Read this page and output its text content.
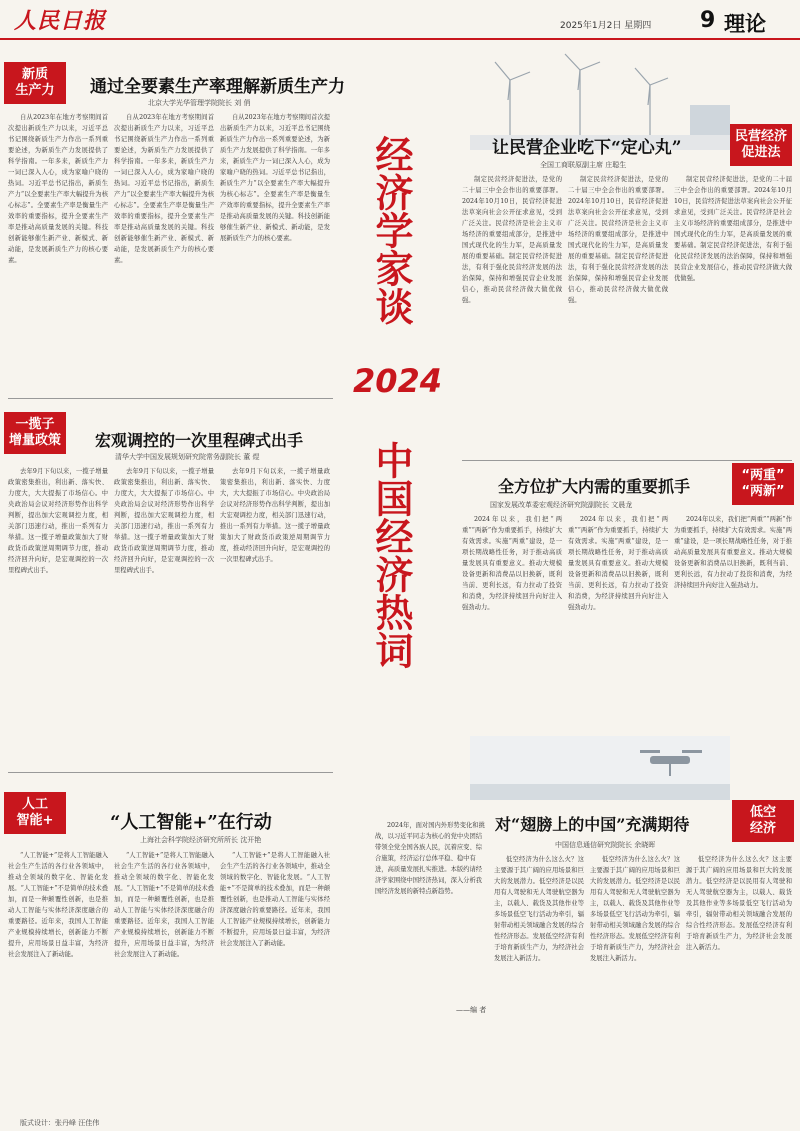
人民日报	2025年1月2日 星期四 9 理论
经济学家谈
2024
中国经济热词
新质
生产力	通过全要素生产率理解新质生产力
北京大学光华管理学院院长 刘 俏

自从2023年在地方考察期间首次提出新质生产力以来，习近平总书记围绕新质生产力作出一系列重要论述，为新质生产力发展提供了科学指南。一年多来，新质生产力一词已深入人心，成为家喻户晓的热词。习近平总书记指出，新质生产力“以全要素生产率大幅提升为核心标志”。全要素生产率是衡量生产效率的重要指标，提升全要素生产率是推动高质量发展的关键。科技创新能够催生新产业、新模式、新动能，是发展新质生产力的核心要素。

自从2023年在地方考察期间首次提出新质生产力以来，习近平总书记围绕新质生产力作出一系列重要论述，为新质生产力发展提供了科学指南。一年多来，新质生产力一词已深入人心，成为家喻户晓的热词。习近平总书记指出，新质生产力“以全要素生产率大幅提升为核心标志”。全要素生产率是衡量生产效率的重要指标，提升全要素生产率是推动高质量发展的关键。科技创新能够催生新产业、新模式、新动能，是发展新质生产力的核心要素。

自从2023年在地方考察期间首次提出新质生产力以来，习近平总书记围绕新质生产力作出一系列重要论述，为新质生产力发展提供了科学指南。一年多来，新质生产力一词已深入人心，成为家喻户晓的热词。习近平总书记指出，新质生产力“以全要素生产率大幅提升为核心标志”。全要素生产率是衡量生产效率的重要指标，提升全要素生产率是推动高质量发展的关键。科技创新能够催生新产业、新模式、新动能，是发展新质生产力的核心要素。

一揽子
增量政策 宏观调控的一次里程碑式出手
清华大学中国发展规划研究院常务副院长 董 煜

去年9月下旬以来，一揽子增量政策密集推出，利出新、落实快、力度大，大大提振了市场信心。中央政治局会议对经济形势作出科学判断，提出加大宏观调控力度，相关部门迅速行动，推出一系列有力举措。这一揽子增量政策加大了财政货币政策逆周期调节力度，推动经济回升向好，是宏观调控的一次里程碑式出手。

去年9月下旬以来，一揽子增量政策密集推出，利出新、落实快、力度大，大大提振了市场信心。中央政治局会议对经济形势作出科学判断，提出加大宏观调控力度，相关部门迅速行动，推出一系列有力举措。这一揽子增量政策加大了财政货币政策逆周期调节力度，推动经济回升向好，是宏观调控的一次里程碑式出手。

去年9月下旬以来，一揽子增量政策密集推出，利出新、落实快、力度大，大大提振了市场信心。中央政治局会议对经济形势作出科学判断，提出加大宏观调控力度，相关部门迅速行动，推出一系列有力举措。这一揽子增量政策加大了财政货币政策逆周期调节力度，推动经济回升向好，是宏观调控的一次里程碑式出手。

人工
智能+	“人工智能+”在行动
上海社会科学院经济研究所所长 沈开艳

“人工智能+”是将人工智能融入社会生产生活的各行业各领域中，推动全领域的数字化、智能化发展。“人工智能+”不是简单的技术叠加，而是一种颠覆性创新，也是推动人工智能与实体经济深度融合的重要路径。近年来，我国人工智能产业规模持续增长，创新能力不断提升，应用场景日益丰富，为经济社会发展注入了新动能。

“人工智能+”是将人工智能融入社会生产生活的各行业各领域中，推动全领域的数字化、智能化发展。“人工智能+”不是简单的技术叠加，而是一种颠覆性创新，也是推动人工智能与实体经济深度融合的重要路径。近年来，我国人工智能产业规模持续增长，创新能力不断提升，应用场景日益丰富，为经济社会发展注入了新动能。

“人工智能+”是将人工智能融入社会生产生活的各行业各领域中，推动全领域的数字化、智能化发展。“人工智能+”不是简单的技术叠加，而是一种颠覆性创新，也是推动人工智能与实体经济深度融合的重要路径。近年来，我国人工智能产业规模持续增长，创新能力不断提升，应用场景日益丰富，为经济社会发展注入了新动能。

2024年，面对国内外形势变化和挑战，以习近平同志为核心的党中央团结带领全党全国各族人民，沉着应变、综合施策，经济运行总体平稳、稳中有进，高质量发展扎实推进。本版约请经济学家围绕中国经济热词，深入分析我国经济发展的新特点新趋势。

——编 者
民营经济
促进法
让民营企业吃下“定心丸”
全国工商联原副主席 庄聪生

制定民营经济促进法，是党的二十届三中全会作出的重要部署。2024年10月10日，民营经济促进法草案向社会公开征求意见，受到广泛关注。民营经济是社会主义市场经济的重要组成部分，是推进中国式现代化的生力军，是高质量发展的重要基础。制定民营经济促进法，有利于强化民营经济发展的法治保障，保持和增强民营企业发展信心，推动民营经济做大做优做强。

制定民营经济促进法，是党的二十届三中全会作出的重要部署。2024年10月10日，民营经济促进法草案向社会公开征求意见，受到广泛关注。民营经济是社会主义市场经济的重要组成部分，是推进中国式现代化的生力军，是高质量发展的重要基础。制定民营经济促进法，有利于强化民营经济发展的法治保障，保持和增强民营企业发展信心，推动民营经济做大做优做强。

制定民营经济促进法，是党的二十届三中全会作出的重要部署。2024年10月10日，民营经济促进法草案向社会公开征求意见，受到广泛关注。民营经济是社会主义市场经济的重要组成部分，是推进中国式现代化的生力军，是高质量发展的重要基础。制定民营经济促进法，有利于强化民营经济发展的法治保障，保持和增强民营企业发展信心，推动民营经济做大做优做强。

“两重”
“两新”
全方位扩大内需的重要抓手
国家发展改革委宏观经济研究院副院长 文晨龙

2024年以来，我们把“两重”“两新”作为重要抓手，持续扩大有效需求。实施“两重”建设，是一项长期战略性任务，对于推动高质量发展具有重要意义。推动大规模设备更新和消费品以旧换新，既利当前、更利长远，有力拉动了投资和消费，为经济持续回升向好注入强劲动力。

2024年以来，我们把“两重”“两新”作为重要抓手，持续扩大有效需求。实施“两重”建设，是一项长期战略性任务，对于推动高质量发展具有重要意义。推动大规模设备更新和消费品以旧换新，既利当前、更利长远，有力拉动了投资和消费，为经济持续回升向好注入强劲动力。

2024年以来，我们把“两重”“两新”作为重要抓手，持续扩大有效需求。实施“两重”建设，是一项长期战略性任务，对于推动高质量发展具有重要意义。推动大规模设备更新和消费品以旧换新，既利当前、更利长远，有力拉动了投资和消费，为经济持续回升向好注入强劲动力。

低空
经济
对“翅膀上的中国”充满期待
中国信息通信研究院院长 余晓晖

低空经济为什么这么火？这主要源于其广阔的应用场景和巨大的发展潜力。低空经济是以民用有人驾驶和无人驾驶航空器为主，以载人、载货及其他作业等多场景低空飞行活动为牵引，辐射带动相关领域融合发展的综合性经济形态。发展低空经济有利于培育新质生产力，为经济社会发展注入新活力。

低空经济为什么这么火？这主要源于其广阔的应用场景和巨大的发展潜力。低空经济是以民用有人驾驶和无人驾驶航空器为主，以载人、载货及其他作业等多场景低空飞行活动为牵引，辐射带动相关领域融合发展的综合性经济形态。发展低空经济有利于培育新质生产力，为经济社会发展注入新活力。

低空经济为什么这么火？这主要源于其广阔的应用场景和巨大的发展潜力。低空经济是以民用有人驾驶和无人驾驶航空器为主，以载人、载货及其他作业等多场景低空飞行活动为牵引，辐射带动相关领域融合发展的综合性经济形态。发展低空经济有利于培育新质生产力，为经济社会发展注入新活力。

版式设计：张丹峰 汪佳伟
